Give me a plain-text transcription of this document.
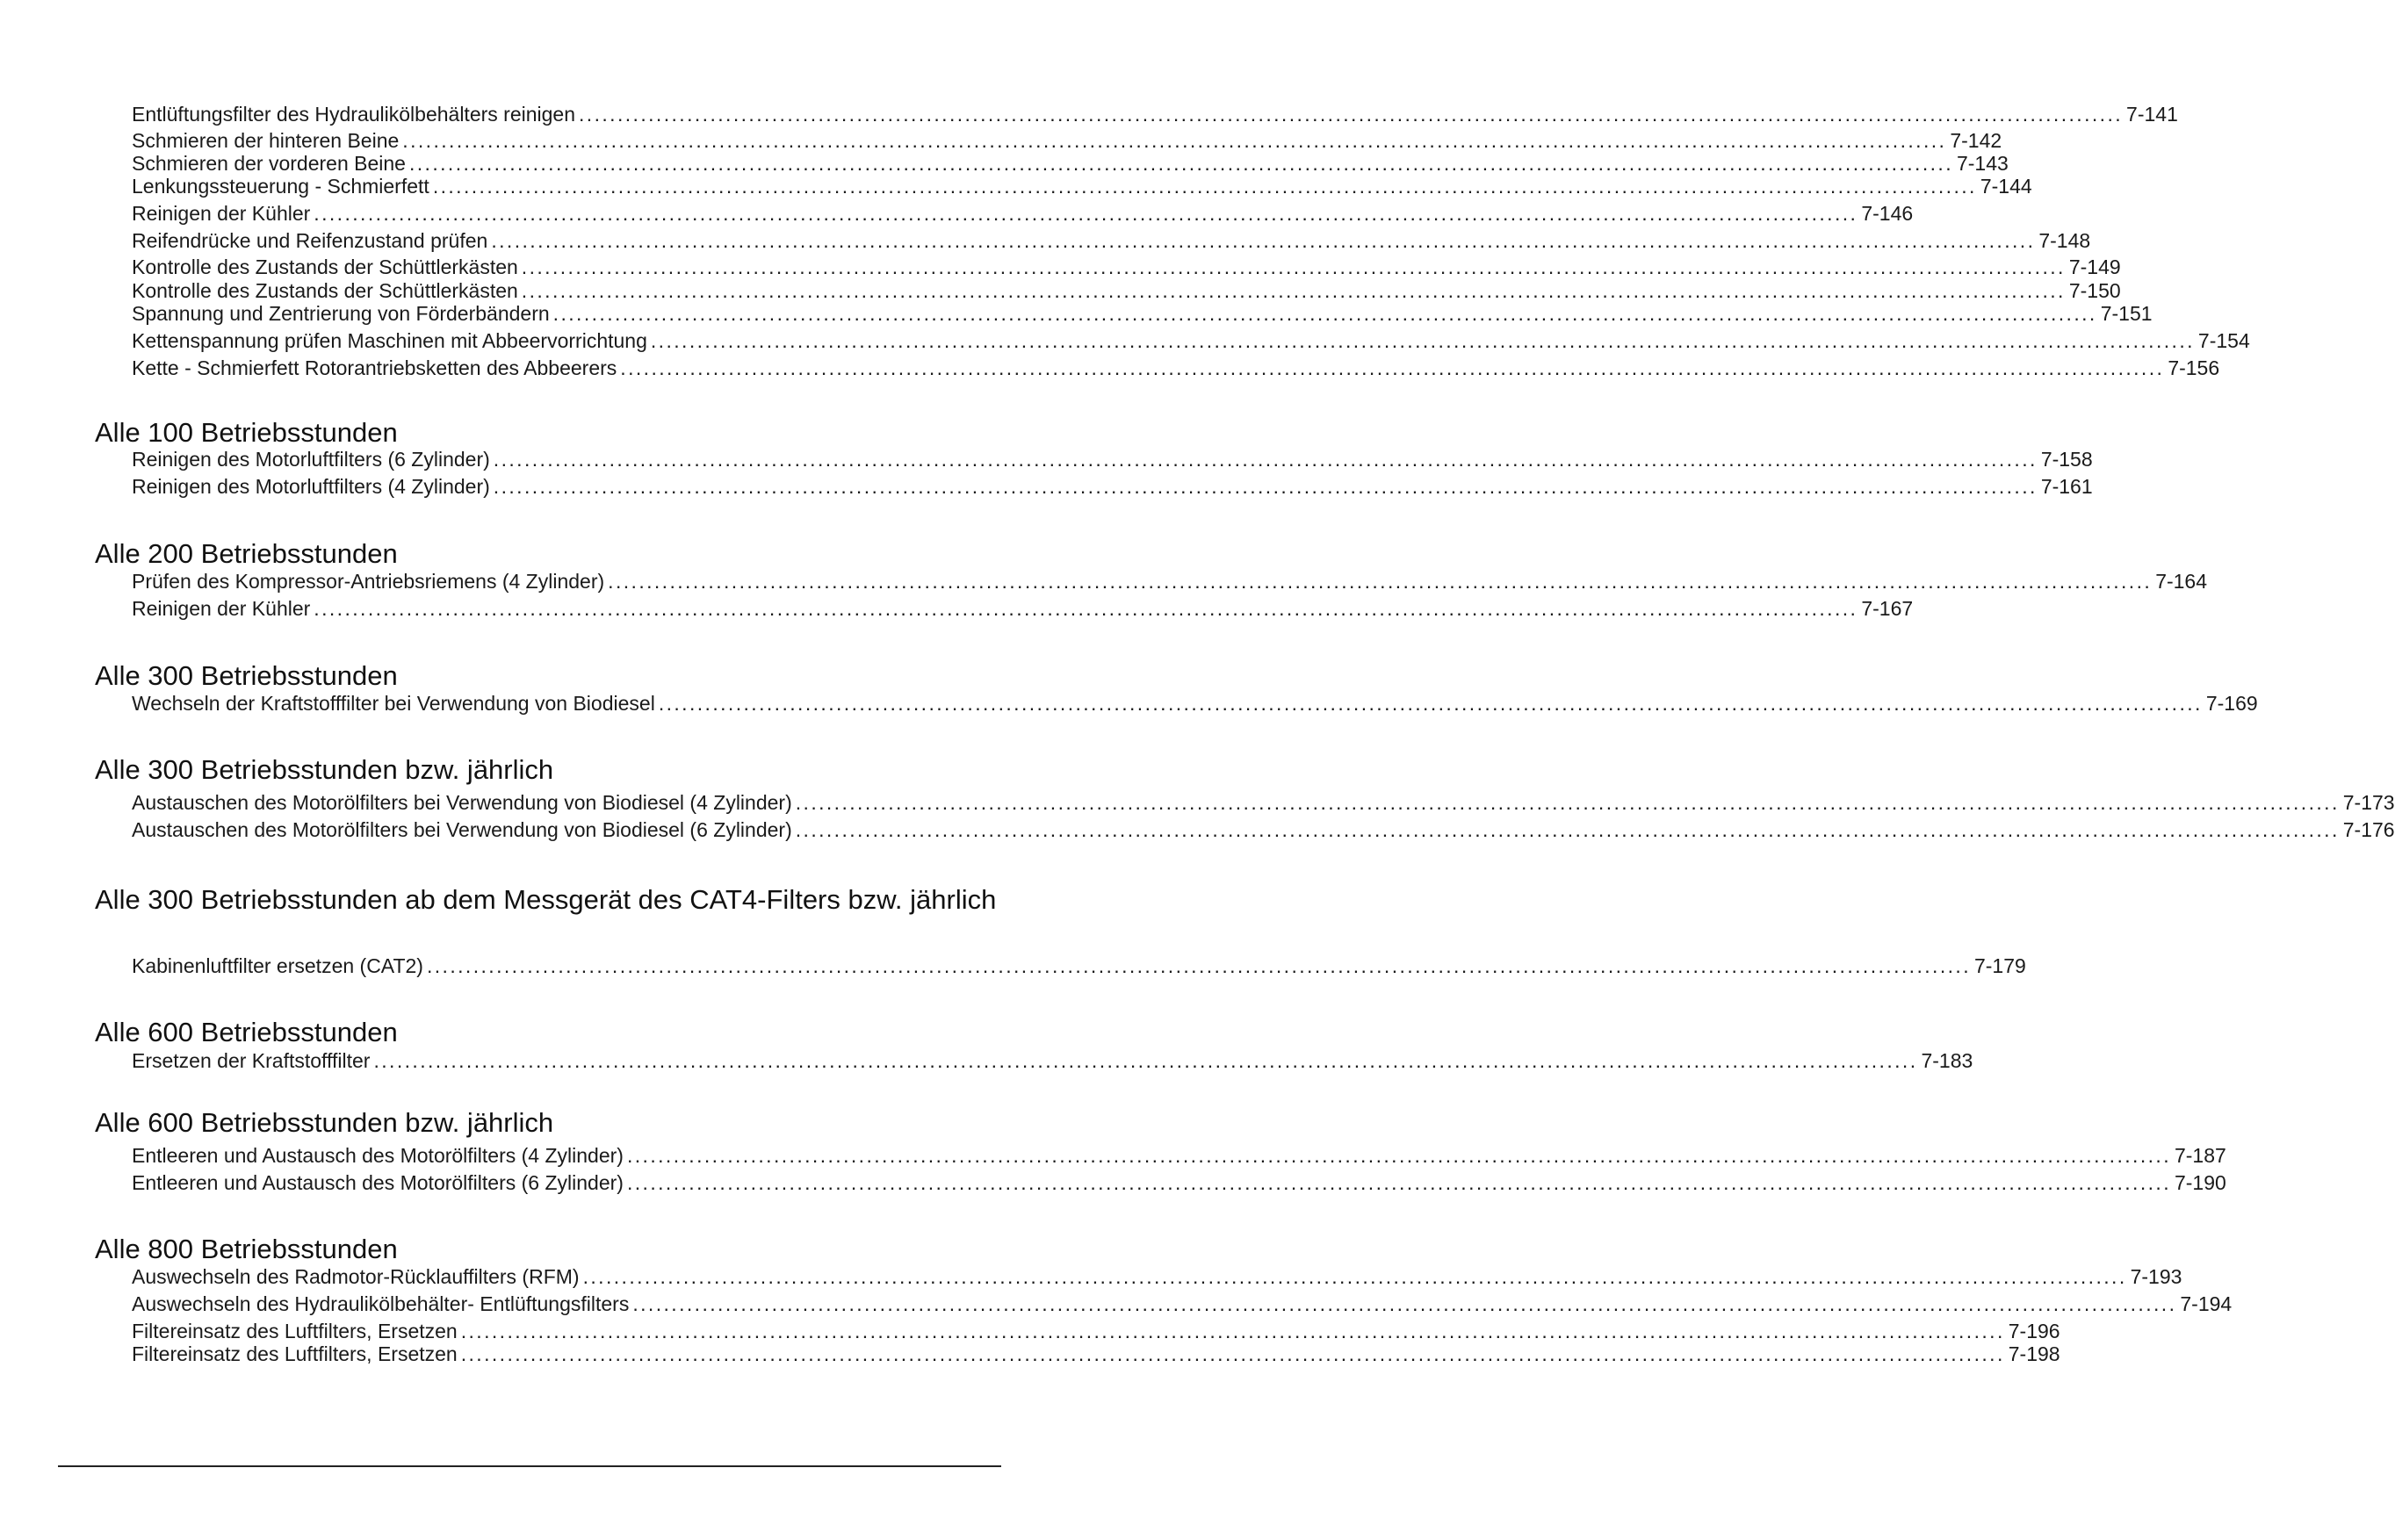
Entlüftungsfilter des Hydraulikölbehälters reinigen ........................................................................................................................................................................................................ 7-141
Schmieren der hinteren Beine ........................................................................................................................................................................................................ 7-142
Schmieren der vorderen Beine ........................................................................................................................................................................................................ 7-143
Lenkungssteuerung - Schmierfett ........................................................................................................................................................................................................ 7-144
Reinigen der Kühler ........................................................................................................................................................................................................ 7-146
Reifendrücke und Reifenzustand prüfen ........................................................................................................................................................................................................ 7-148
Kontrolle des Zustands der Schüttlerkästen ........................................................................................................................................................................................................ 7-149
Kontrolle des Zustands der Schüttlerkästen ........................................................................................................................................................................................................ 7-150
Spannung und Zentrierung von Förderbändern ........................................................................................................................................................................................................ 7-151
Kettenspannung prüfen Maschinen mit Abbeervorrichtung ........................................................................................................................................................................................................ 7-154
Kette - Schmierfett Rotorantriebsketten des Abbeerers ........................................................................................................................................................................................................ 7-156
Alle 100 Betriebsstunden
Reinigen des Motorluftfilters (6 Zylinder) ........................................................................................................................................................................................................ 7-158
Reinigen des Motorluftfilters (4 Zylinder) ........................................................................................................................................................................................................ 7-161
Alle 200 Betriebsstunden
Prüfen des Kompressor-Antriebsriemens (4 Zylinder) ........................................................................................................................................................................................................ 7-164
Reinigen der Kühler ........................................................................................................................................................................................................ 7-167
Alle 300 Betriebsstunden
Wechseln der Kraftstofffilter bei Verwendung von Biodiesel ........................................................................................................................................................................................................ 7-169
Alle 300 Betriebsstunden bzw. jährlich
Austauschen des Motorölfilters bei Verwendung von Biodiesel (4 Zylinder) ........................................................................................................................................................................................................ 7-173
Austauschen des Motorölfilters bei Verwendung von Biodiesel (6 Zylinder) ........................................................................................................................................................................................................ 7-176
Alle 300 Betriebsstunden ab dem Messgerät des CAT4-Filters bzw. jährlich
Kabinenluftfilter ersetzen (CAT2) ........................................................................................................................................................................................................ 7-179
Alle 600 Betriebsstunden
Ersetzen der Kraftstofffilter ........................................................................................................................................................................................................ 7-183
Alle 600 Betriebsstunden bzw. jährlich
Entleeren und Austausch des Motorölfilters (4 Zylinder) ........................................................................................................................................................................................................ 7-187
Entleeren und Austausch des Motorölfilters (6 Zylinder) ........................................................................................................................................................................................................ 7-190
Alle 800 Betriebsstunden
Auswechseln des Radmotor-Rücklauffilters (RFM) ........................................................................................................................................................................................................ 7-193
Auswechseln des Hydraulikölbehälter- Entlüftungsfilters ........................................................................................................................................................................................................ 7-194
Filtereinsatz des Luftfilters, Ersetzen ........................................................................................................................................................................................................ 7-196
Filtereinsatz des Luftfilters, Ersetzen ........................................................................................................................................................................................................ 7-198
